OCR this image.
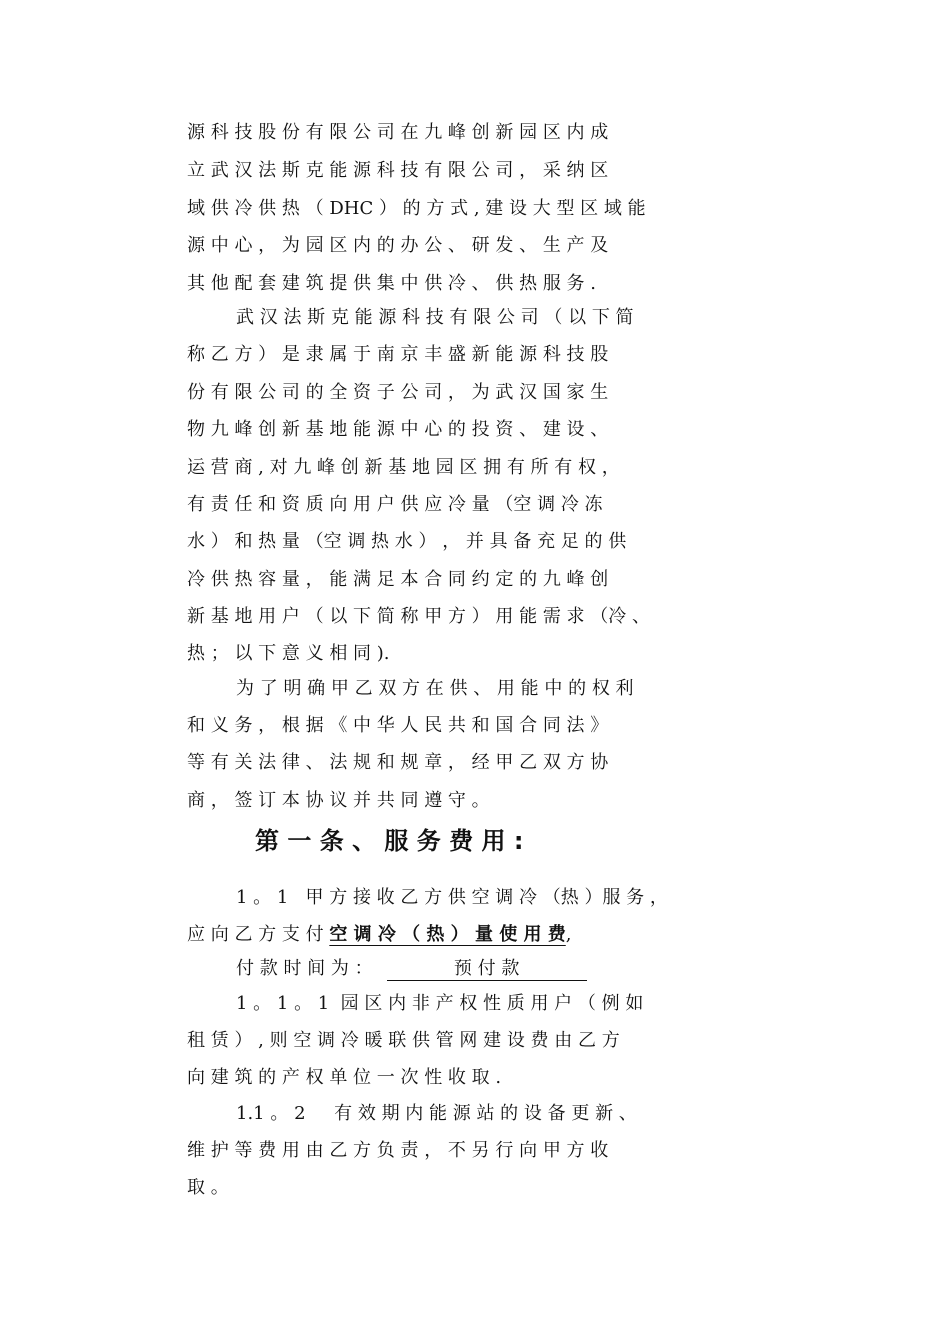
源 科 技 股 份 有 限 公 司 在 九 峰 创 新 园 区 内 成
立 武 汉 法 斯 克 能 源 科 技 有 限 公 司 ， 采 纳 区
域 供 冷 供 热 （ DHC ） 的 方 式 , 建 设 大 型 区 域 能
源 中 心 ， 为 园 区 内 的 办 公 、 研 发 、 生 产 及
其 他 配 套 建 筑 提 供 集 中 供 冷 、 供 热 服 务 .
武 汉 法 斯 克 能 源 科 技 有 限 公 司 （ 以 下 简
称 乙 方 ） 是 隶 属 于 南 京 丰 盛 新 能 源 科 技 股
份 有 限 公 司 的 全 资 子 公 司 ， 为 武 汉 国 家 生
物 九 峰 创 新 基 地 能 源 中 心 的 投 资 、 建 设 、
运 营 商 , 对 九 峰 创 新 基 地 园 区 拥 有 所 有 权 ，
有 责 任 和 资 质 向 用 户 供 应 冷 量 （空 调 冷 冻
水 ） 和 热 量 （空 调 热 水 ） ， 并 具 备 充 足 的 供
冷 供 热 容 量 ， 能 满 足 本 合 同 约 定 的 九 峰 创
新 基 地 用 户 （ 以 下 简 称 甲 方 ） 用 能 需 求 （冷 、
热 ； 以 下 意 义 相 同 ).
为 了 明 确 甲 乙 双 方 在 供 、 用 能 中 的 权 利
和 义 务 ， 根 据 《 中 华 人 民 共 和 国 合 同 法 》
等 有 关 法 律 、 法 规 和 规 章 ， 经 甲 乙 双 方 协
商 ， 签 订 本 协 议 并 共 同 遵 守 。
第 一 条 、 服 务 费 用 :
1 。 1   甲 方 接 收 乙 方 供 空 调 冷 （热 ）服 务 ，
应 向 乙 方 支 付 空 调 冷 （ 热 ） 量 使 用 费,
付 款 时 间 为 ：	预 付 款
1 。 1 。 1  园 区 内 非 产 权 性 质 用 户 （ 例 如
租 赁 ） , 则 空 调 冷 暖 联 供 管 网 建 设 费 由 乙 方
向 建 筑 的 产 权 单 位 一 次 性 收 取 .
1.1 。 2     有 效 期 内 能 源 站 的 设 备 更 新 、
维 护 等 费 用 由 乙 方 负 责 ， 不 另 行 向 甲 方 收
取 。
